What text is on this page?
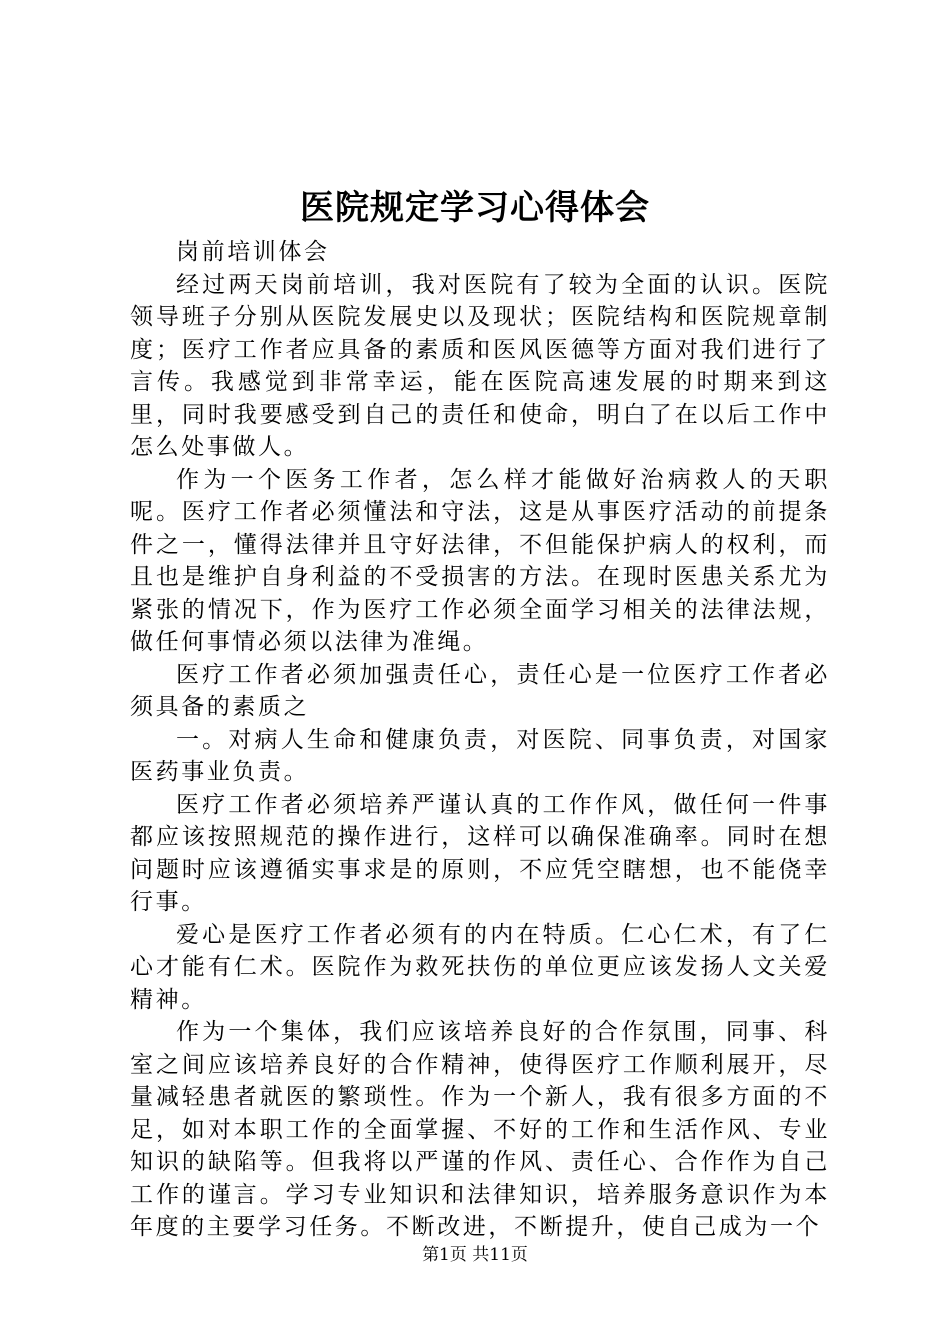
医院规定学习心得体会

岗前培训体会

经过两天岗前培训，我对医院有了较为全面的认识。医院领导班子分别从医院发展史以及现状；医院结构和医院规章制度；医疗工作者应具备的素质和医风医德等方面对我们进行了言传。我感觉到非常幸运，能在医院高速发展的时期来到这里，同时我要感受到自己的责任和使命，明白了在以后工作中怎么处事做人。

作为一个医务工作者，怎么样才能做好治病救人的天职呢。医疗工作者必须懂法和守法，这是从事医疗活动的前提条件之一，懂得法律并且守好法律，不但能保护病人的权利，而且也是维护自身利益的不受损害的方法。在现时医患关系尤为紧张的情况下，作为医疗工作必须全面学习相关的法律法规，做任何事情必须以法律为准绳。

医疗工作者必须加强责任心，责任心是一位医疗工作者必须具备的素质之

一。对病人生命和健康负责，对医院、同事负责，对国家医药事业负责。

医疗工作者必须培养严谨认真的工作作风，做任何一件事都应该按照规范的操作进行，这样可以确保准确率。同时在想问题时应该遵循实事求是的原则，不应凭空瞎想，也不能侥幸行事。

爱心是医疗工作者必须有的内在特质。仁心仁术，有了仁心才能有仁术。医院作为救死扶伤的单位更应该发扬人文关爱精神。

作为一个集体，我们应该培养良好的合作氛围，同事、科室之间应该培养良好的合作精神，使得医疗工作顺利展开，尽量减轻患者就医的繁琐性。作为一个新人，我有很多方面的不足，如对本职工作的全面掌握、不好的工作和生活作风、专业知识的缺陷等。但我将以严谨的作风、责任心、合作作为自己工作的谨言。学习专业知识和法律知识，培养服务意识作为本年度的主要学习任务。不断改进，不断提升，使自己成为一个

第1页 共11页
